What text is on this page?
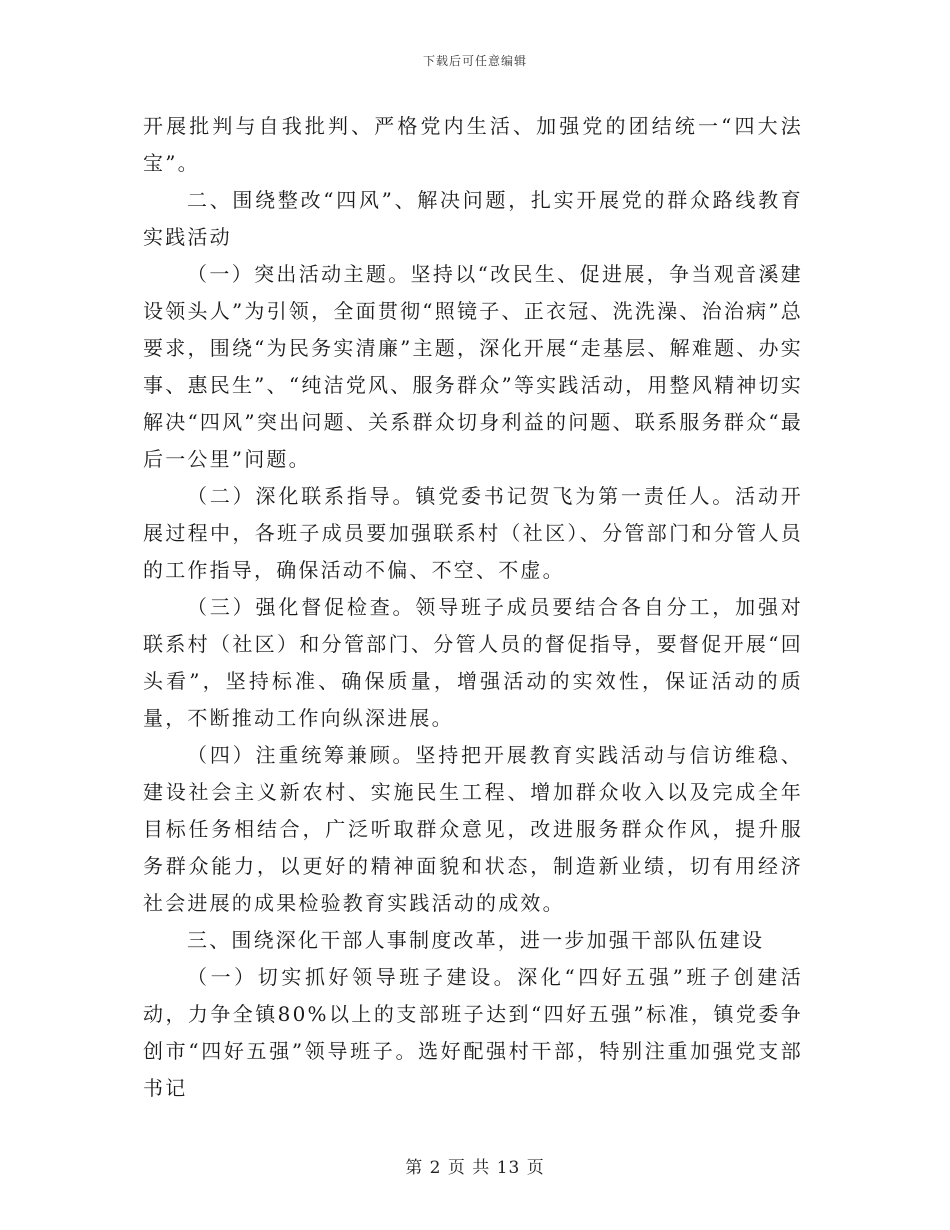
下载后可任意编辑

开展批判与自我批判、严格党内生活、加强党的团结统一“四大法宝”。

二、围绕整改“四风”、解决问题，扎实开展党的群众路线教育实践活动

（一）突出活动主题。坚持以“改民生、促进展，争当观音溪建设领头人”为引领，全面贯彻“照镜子、正衣冠、洗洗澡、治治病”总要求，围绕“为民务实清廉”主题，深化开展“走基层、解难题、办实事、惠民生”、“纯洁党风、服务群众”等实践活动，用整风精神切实解决“四风”突出问题、关系群众切身利益的问题、联系服务群众“最后一公里”问题。

（二）深化联系指导。镇党委书记贺飞为第一责任人。活动开展过程中，各班子成员要加强联系村（社区）、分管部门和分管人员的工作指导，确保活动不偏、不空、不虚。

（三）强化督促检查。领导班子成员要结合各自分工，加强对联系村（社区）和分管部门、分管人员的督促指导，要督促开展“回头看”，坚持标准、确保质量，增强活动的实效性，保证活动的质量，不断推动工作向纵深进展。

（四）注重统筹兼顾。坚持把开展教育实践活动与信访维稳、建设社会主义新农村、实施民生工程、增加群众收入以及完成全年目标任务相结合，广泛听取群众意见，改进服务群众作风，提升服务群众能力，以更好的精神面貌和状态，制造新业绩，切有用经济社会进展的成果检验教育实践活动的成效。

三、围绕深化干部人事制度改革，进一步加强干部队伍建设

（一）切实抓好领导班子建设。深化“四好五强”班子创建活动，力争全镇80%以上的支部班子达到“四好五强”标准，镇党委争创市“四好五强”领导班子。选好配强村干部，特别注重加强党支部书记

第 2 页 共 13 页
